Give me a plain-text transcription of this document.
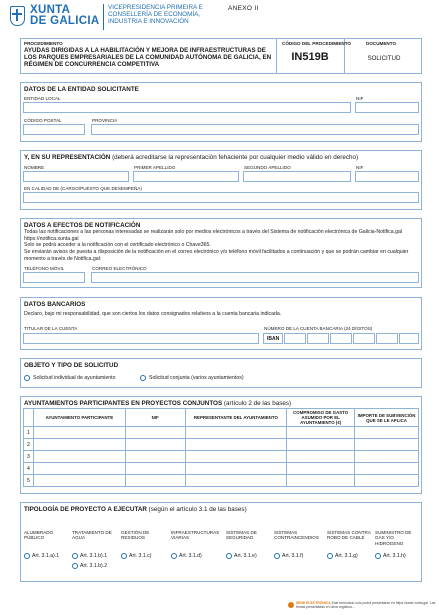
XUNTA
DE GALICIA
VICEPRESIDENCIA PRIMEIRA E CONSELLERÍA DE ECONOMÍA, INDUSTRIA E INNOVACIÓN
ANEXO II
PROCEDIMIENTO
AYUDAS DIRIGIDAS A LA HABILITACIÓN Y MEJORA DE INFRAESTRUCTURAS DE LOS PARQUES EMPRESARIALES DE LA COMUNIDAD AUTÓNOMA DE GALICIA, EN RÉGIMEN DE CONCURRENCIA COMPETITIVA
CÓDIGO DEL PROCEDIMIENTO
IN519B
DOCUMENTO
SOLICITUD
DATOS DE LA ENTIDAD SOLICITANTE
ENTIDAD LOCAL	NIF
CÓDIGO POSTAL	PROVINCIA
Y, EN SU REPRESENTACIÓN (deberá acreditarse la representación fehaciente por cualquier medio válido en derecho)
NOMBRE	PRIMER APELLIDO	SEGUNDO APELLIDO	NIF
EN CALIDAD DE (CARGO/PUESTO QUE DESEMPEÑA)
DATOS A EFECTOS DE NOTIFICACIÓN
Todas las notificaciones a las personas interesadas se realizarán solo por medios electrónicos a través del Sistema de notificación electrónica de Galicia-Notifica.gal https://notifica.xunta.gal
Solo se podrá acceder a la notificación con el certificado electrónico o Chave365.
Se enviarán avisos de puesta a disposición de la notificación en el correo electrónico y/o teléfono móvil facilitados a continuación y que se podrán cambiar en cualquier momento a través de Notifica.gal:
TELÉFONO MÓVIL	CORREO ELECTRÓNICO
DATOS BANCARIOS
Declaro, bajo mi responsabilidad, que son ciertos los datos consignados relativos a la cuenta bancaria indicada.
TITULAR DE LA CUENTA	NÚMERO DE LA CUENTA BANCARIA (24 DÍGITOS)
IBAN
OBJETO Y TIPO DE SOLICITUD
Solicitud individual de ayuntamiento	Solicitud conjunta (varios ayuntamientos)
AYUNTAMIENTOS PARTICIPANTES EN PROYECTOS CONJUNTOS (artículo 2 de las bases)
	AYUNTAMIENTO PARTICIPANTE	NIF	REPRESENTANTE DEL AYUNTAMIENTO	COMPROMISO DE GASTO ASUMIDO POR EL AYUNTAMIENTO (€)	IMPORTE DE SUBVENCIÓN QUE SE LE APLICA
1					
2					
3					
4					
5					
TIPOLOGÍA DE PROYECTO A EJECUTAR (según el artículo 3.1 de las bases)
ALUMBRADO PÚBLICO
Art. 3.1.a).1
TRATAMIENTO DE AGUA
Art. 3.1.b).1
Art. 3.1.b).2
GESTIÓN DE RESIDUOS
Art. 3.1.c)
INFRAESTRUCTURAS VIARIAS
Art. 3.1.d)
SISTEMAS DE SEGURIDAD
Art. 3.1.e)
SISTEMAS CONTRAINCENDIOS
Art. 3.1.f)
SISTEMAS CONTRA ROBO DE CABLE
Art. 3.1.g)
SUMINISTRO DE GAS Y/O HIDRÓGENO
Art. 3.1.h)
SEDE ELECTRÓNICA Este formulario solo podrá presentarse en https://sede.xunta.gal. Las firmas presentadas en otros registros...
